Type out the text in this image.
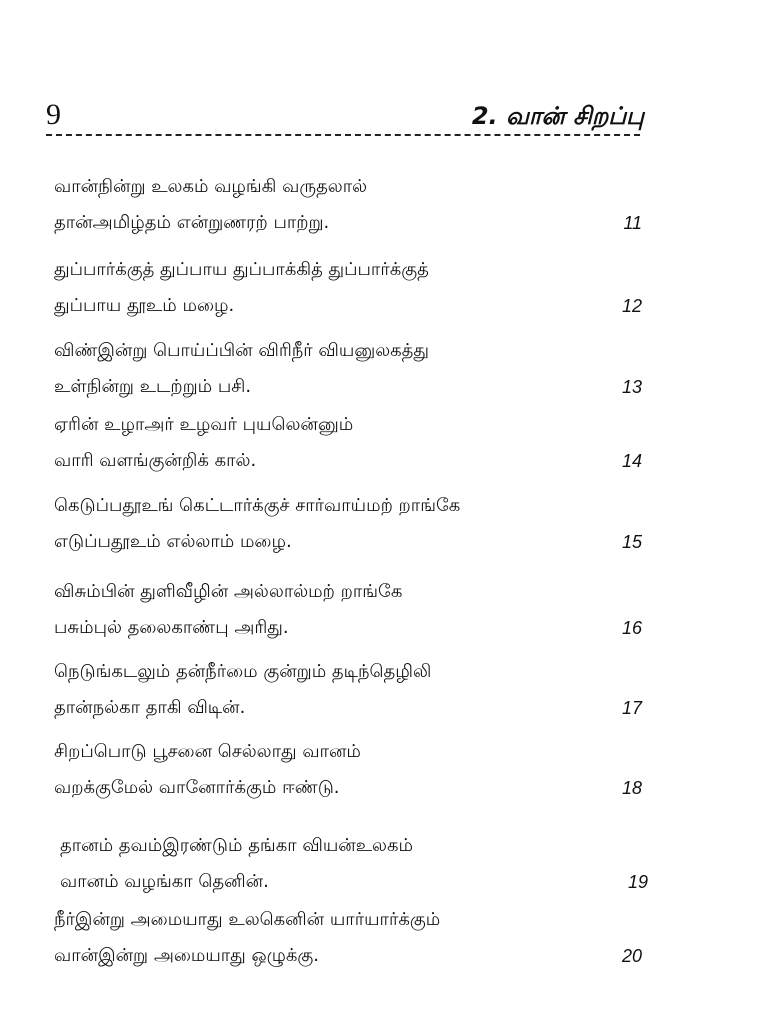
9	2. வான் சிறப்பு
வான்நின்று உலகம் வழங்கி வருதலால்
தான்அமிழ்தம் என்றுணரற் பாற்று.	11
துப்பார்க்குத் துப்பாய துப்பாக்கித் துப்பார்க்குத்
துப்பாய தூஉம் மழை.	12
விண்இன்று பொய்ப்பின் விரிநீர் வியனுலகத்து
உள்நின்று உடற்றும் பசி.	13
ஏரின் உழாஅர் உழவர் புயலென்னும்
வாரி வளங்குன்றிக் கால்.	14
கெடுப்பதூஉங் கெட்டார்க்குச் சார்வாய்மற் றாங்கே
எடுப்பதூஉம் எல்லாம் மழை.	15
விசும்பின் துளிவீழின் அல்லால்மற் றாங்கே
பசும்புல் தலைகாண்பு அரிது.	16
நெடுங்கடலும் தன்நீர்மை குன்றும் தடிந்தெழிலி
தான்நல்கா தாகி விடின்.	17
சிறப்பொடு பூசனை செல்லாது வானம்
வறக்குமேல் வானோர்க்கும் ஈண்டு.	18
தானம் தவம்இரண்டும் தங்கா வியன்உலகம்
வானம் வழங்கா தெனின்.	19
நீர்இன்று அமையாது உலகெனின் யார்யார்க்கும்
வான்இன்று அமையாது ஒழுக்கு.	20
